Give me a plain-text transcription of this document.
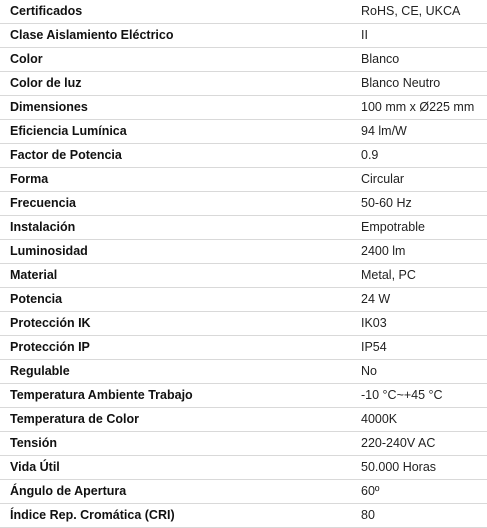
Certificados	RoHS, CE, UKCA
Clase Aislamiento Eléctrico	II
Color	Blanco
Color de luz	Blanco Neutro
Dimensiones	100 mm x Ø225 mm
Eficiencia Lumínica	94 lm/W
Factor de Potencia	0.9
Forma	Circular
Frecuencia	50-60 Hz
Instalación	Empotrable
Luminosidad	2400 lm
Material	Metal, PC
Potencia	24 W
Protección IK	IK03
Protección IP	IP54
Regulable	No
Temperatura Ambiente Trabajo	-10 °C~+45 °C
Temperatura de Color	4000K
Tensión	220-240V AC
Vida Útil	50.000 Horas
Ángulo de Apertura	60º
Índice Rep. Cromática (CRI)	80
